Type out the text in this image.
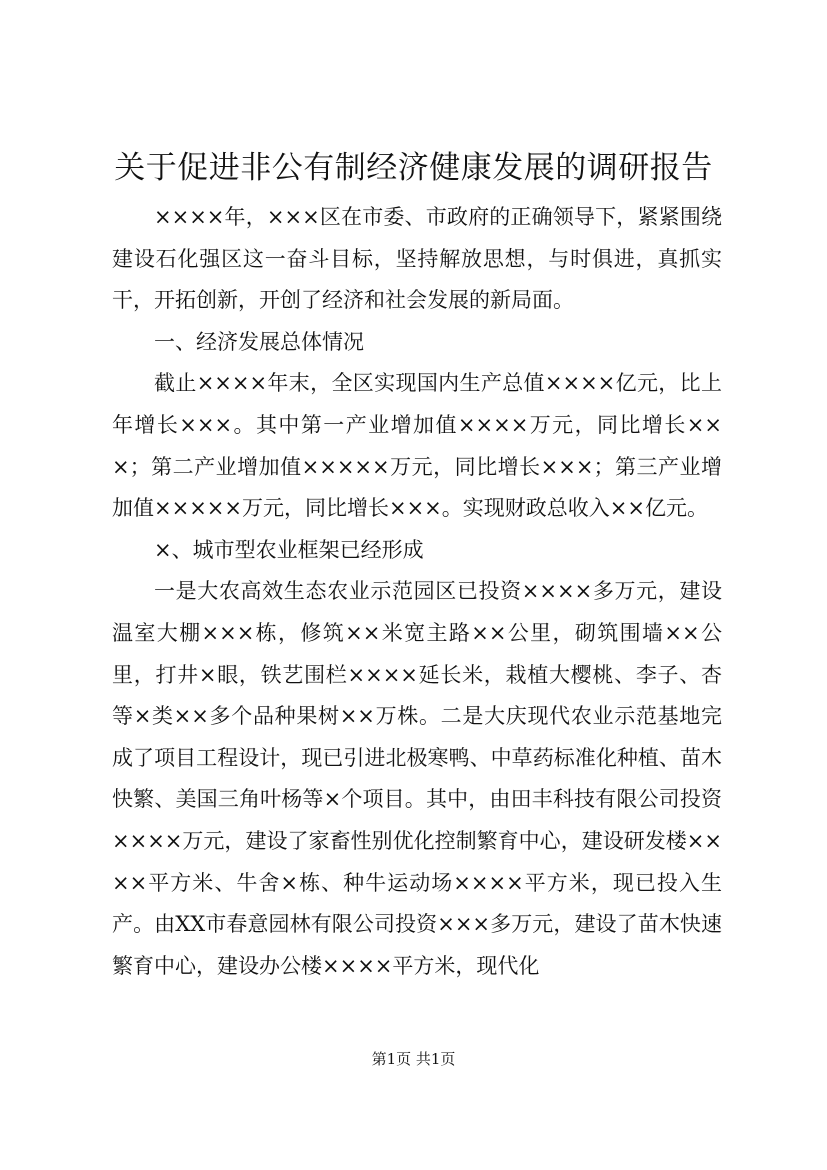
关于促进非公有制经济健康发展的调研报告

××××年，×××区在市委、市政府的正确领导下，紧紧围绕建设石化强区这一奋斗目标，坚持解放思想，与时俱进，真抓实干，开拓创新，开创了经济和社会发展的新局面。

一、经济发展总体情况

截止××××年末，全区实现国内生产总值××××亿元，比上年增长×××。其中第一产业增加值××××万元，同比增长×××；第二产业增加值×××××万元，同比增长×××；第三产业增加值×××××万元，同比增长×××。实现财政总收入××亿元。

×、城市型农业框架已经形成

一是大农高效生态农业示范园区已投资××××多万元，建设温室大棚×××栋，修筑××米宽主路××公里，砌筑围墙××公里，打井×眼，铁艺围栏××××延长米，栽植大樱桃、李子、杏等×类××多个品种果树××万株。二是大庆现代农业示范基地完成了项目工程设计，现已引进北极寒鸭、中草药标准化种植、苗木快繁、美国三角叶杨等×个项目。其中，由田丰科技有限公司投资××××万元，建设了家畜性别优化控制繁育中心，建设研发楼××××平方米、牛舍×栋、种牛运动场××××平方米，现已投入生产。由XX市春意园林有限公司投资×××多万元，建设了苗木快速繁育中心，建设办公楼××××平方米，现代化

第1页 共1页
